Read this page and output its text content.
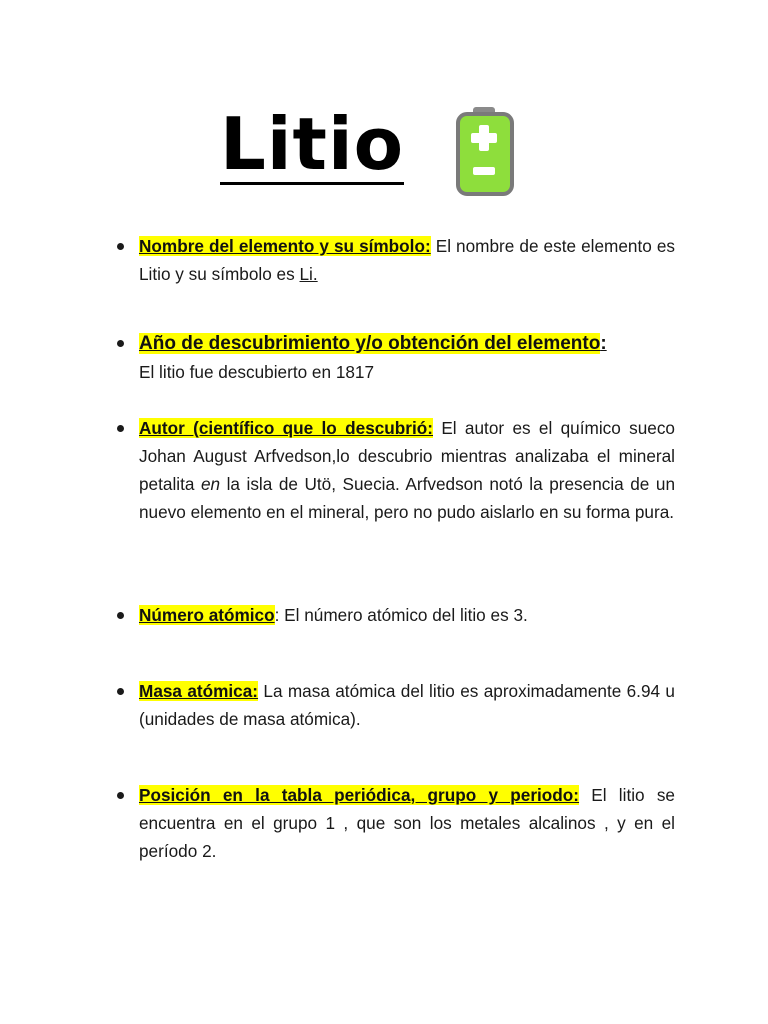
Litio
Nombre del elemento y su símbolo: El nombre de este elemento es Litio y su símbolo es Li.
Año de descubrimiento y/o obtención del elemento:
El litio fue descubierto en 1817
Autor (científico que lo descubrió: El autor es el químico sueco Johan August Arfvedson,lo descubrio mientras analizaba el mineral petalita en la isla de Utö, Suecia. Arfvedson notó la presencia de un nuevo elemento en el mineral, pero no pudo aislarlo en su forma pura.
Número atómico: El número atómico del litio es 3.
Masa atómica: La masa atómica del litio es aproximadamente 6.94 u (unidades de masa atómica).
Posición en la tabla periódica, grupo y periodo: El litio se encuentra en el grupo 1 , que son los metales alcalinos , y en el período 2.
